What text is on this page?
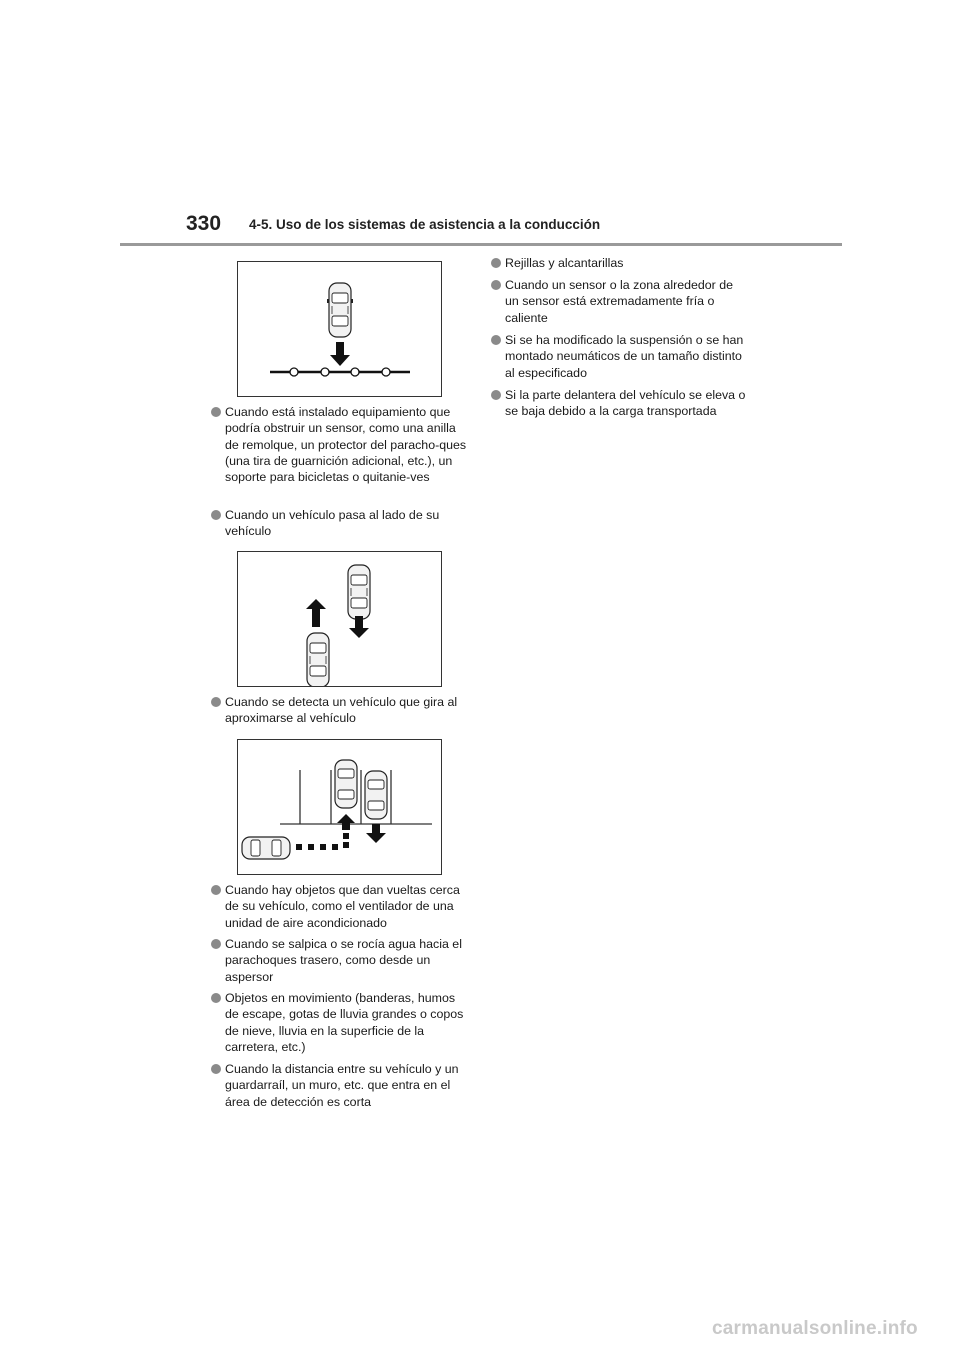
330 4-5. Uso de los sistemas de asistencia a la conducción
Cuando está instalado equipamiento que podría obstruir un sensor, como una anilla de remolque, un protector del paracho-ques (una tira de guarnición adicional, etc.), un soporte para bicicletas o quitanie-ves
Cuando un vehículo pasa al lado de su vehículo
Cuando se detecta un vehículo que gira al aproximarse al vehículo
Cuando hay objetos que dan vueltas cerca de su vehículo, como el ventilador de una unidad de aire acondicionado
Cuando se salpica o se rocía agua hacia el parachoques trasero, como desde un aspersor
Objetos en movimiento (banderas, humos de escape, gotas de lluvia grandes o copos de nieve, lluvia en la superficie de la carretera, etc.)
Cuando la distancia entre su vehículo y un guardarraíl, un muro, etc. que entra en el área de detección es corta
Rejillas y alcantarillas
Cuando un sensor o la zona alrededor de un sensor está extremadamente fría o caliente
Si se ha modificado la suspensión o se han montado neumáticos de un tamaño distinto al especificado
Si la parte delantera del vehículo se eleva o se baja debido a la carga transportada
carmanualsonline.info
